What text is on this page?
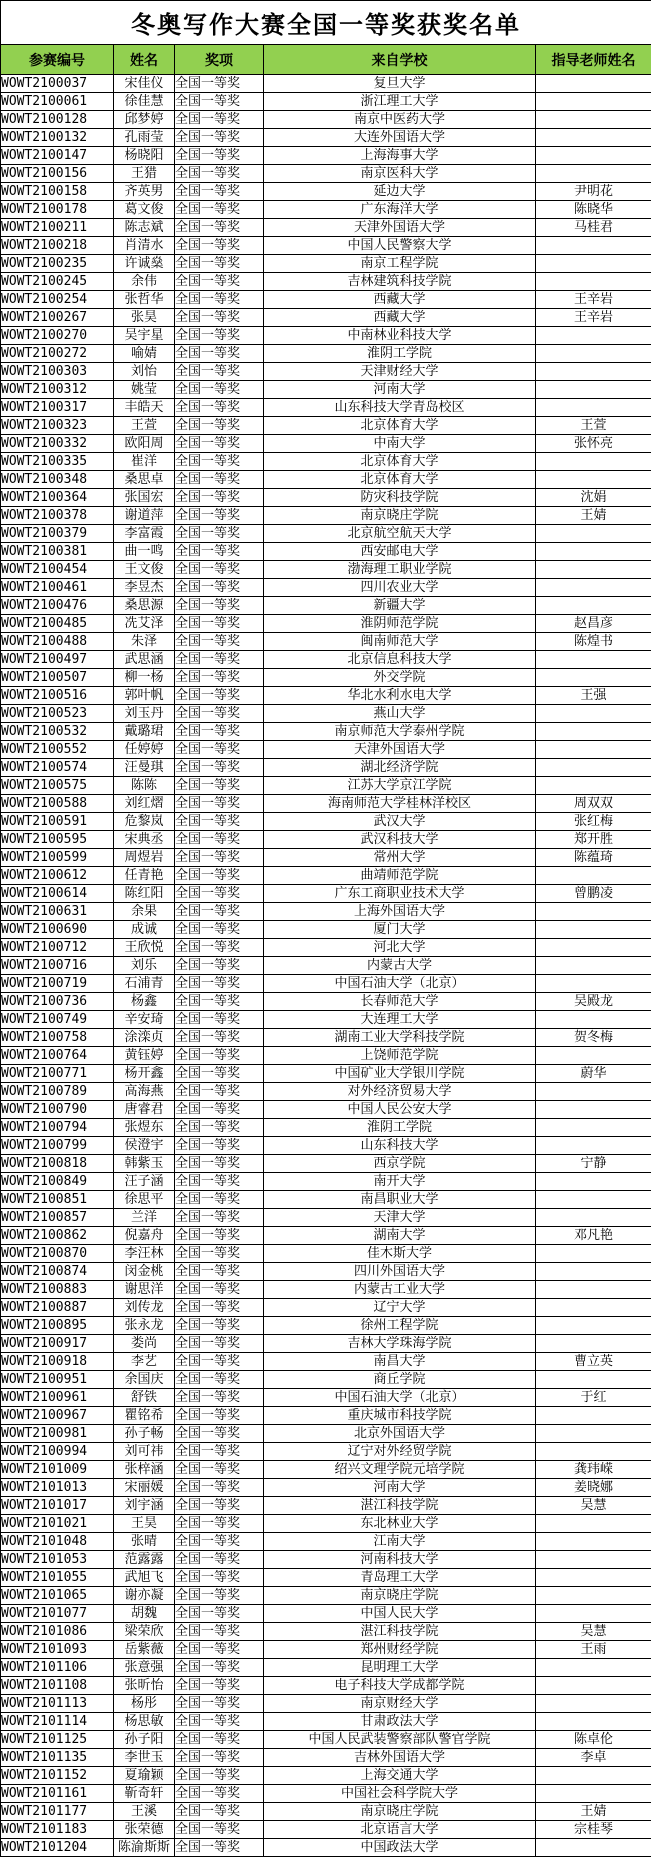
冬奥写作大赛全国一等奖获奖名单				
参赛编号	姓名	奖项	来自学校	指导老师姓名
WOWT2100037	宋佳仪	全国一等奖	复旦大学	
WOWT2100061	徐佳慧	全国一等奖	浙江理工大学	
WOWT2100128	邱梦婷	全国一等奖	南京中医药大学	
WOWT2100132	孔雨莹	全国一等奖	大连外国语大学	
WOWT2100147	杨晓阳	全国一等奖	上海海事大学	
WOWT2100156	王猎	全国一等奖	南京医科大学	
WOWT2100158	齐英男	全国一等奖	延边大学	尹明花
WOWT2100178	葛文俊	全国一等奖	广东海洋大学	陈晓华
WOWT2100211	陈志斌	全国一等奖	天津外国语大学	马桂君
WOWT2100218	肖清水	全国一等奖	中国人民警察大学	
WOWT2100235	许诚燊	全国一等奖	南京工程学院	
WOWT2100245	余伟	全国一等奖	吉林建筑科技学院	
WOWT2100254	张哲华	全国一等奖	西藏大学	王辛岩
WOWT2100267	张昊	全国一等奖	西藏大学	王辛岩
WOWT2100270	吴宇星	全国一等奖	中南林业科技大学	
WOWT2100272	喻婧	全国一等奖	淮阴工学院	
WOWT2100303	刘怡	全国一等奖	天津财经大学	
WOWT2100312	姚莹	全国一等奖	河南大学	
WOWT2100317	丰皓天	全国一等奖	山东科技大学青岛校区	
WOWT2100323	王萱	全国一等奖	北京体育大学	王萱
WOWT2100332	欧阳周	全国一等奖	中南大学	张怀亮
WOWT2100335	崔洋	全国一等奖	北京体育大学	
WOWT2100348	桑思卓	全国一等奖	北京体育大学	
WOWT2100364	张国宏	全国一等奖	防灾科技学院	沈娟
WOWT2100378	谢道萍	全国一等奖	南京晓庄学院	王婧
WOWT2100379	李富霞	全国一等奖	北京航空航天大学	
WOWT2100381	曲一鸣	全国一等奖	西安邮电大学	
WOWT2100454	王文俊	全国一等奖	渤海理工职业学院	
WOWT2100461	李昱杰	全国一等奖	四川农业大学	
WOWT2100476	桑思源	全国一等奖	新疆大学	
WOWT2100485	冼艾泽	全国一等奖	淮阴师范学院	赵昌彦
WOWT2100488	朱泽	全国一等奖	闽南师范大学	陈煌书
WOWT2100497	武思涵	全国一等奖	北京信息科技大学	
WOWT2100507	柳一杨	全国一等奖	外交学院	
WOWT2100516	郭叶帆	全国一等奖	华北水利水电大学	王强
WOWT2100523	刘玉丹	全国一等奖	燕山大学	
WOWT2100532	戴璐珺	全国一等奖	南京师范大学泰州学院	
WOWT2100552	任婷婷	全国一等奖	天津外国语大学	
WOWT2100574	汪曼琪	全国一等奖	湖北经济学院	
WOWT2100575	陈陈	全国一等奖	江苏大学京江学院	
WOWT2100588	刘红熠	全国一等奖	海南师范大学桂林洋校区	周双双
WOWT2100591	危黎岚	全国一等奖	武汉大学	张红梅
WOWT2100595	宋典丞	全国一等奖	武汉科技大学	郑开胜
WOWT2100599	周煜岩	全国一等奖	常州大学	陈蕴琦
WOWT2100612	任青艳	全国一等奖	曲靖师范学院	
WOWT2100614	陈红阳	全国一等奖	广东工商职业技术大学	曾鹏凌
WOWT2100631	余果	全国一等奖	上海外国语大学	
WOWT2100690	成诚	全国一等奖	厦门大学	
WOWT2100712	王欣悦	全国一等奖	河北大学	
WOWT2100716	刘乐	全国一等奖	内蒙古大学	
WOWT2100719	石浦青	全国一等奖	中国石油大学（北京）	
WOWT2100736	杨鑫	全国一等奖	长春师范大学	吴殿龙
WOWT2100749	辛安琦	全国一等奖	大连理工大学	
WOWT2100758	涂滦贞	全国一等奖	湖南工业大学科技学院	贺冬梅
WOWT2100764	黄钰婷	全国一等奖	上饶师范学院	
WOWT2100771	杨开鑫	全国一等奖	中国矿业大学银川学院	蔚华
WOWT2100789	高海燕	全国一等奖	对外经济贸易大学	
WOWT2100790	唐睿君	全国一等奖	中国人民公安大学	
WOWT2100794	张煜东	全国一等奖	淮阴工学院	
WOWT2100799	侯澄宇	全国一等奖	山东科技大学	
WOWT2100818	韩紫玉	全国一等奖	西京学院	宁静
WOWT2100849	汪子涵	全国一等奖	南开大学	
WOWT2100851	徐思平	全国一等奖	南昌职业大学	
WOWT2100857	兰洋	全国一等奖	天津大学	
WOWT2100862	倪嘉舟	全国一等奖	湖南大学	邓凡艳
WOWT2100870	李汪林	全国一等奖	佳木斯大学	
WOWT2100874	闵金桃	全国一等奖	四川外国语大学	
WOWT2100883	谢思洋	全国一等奖	内蒙古工业大学	
WOWT2100887	刘传龙	全国一等奖	辽宁大学	
WOWT2100895	张永龙	全国一等奖	徐州工程学院	
WOWT2100917	娄尚	全国一等奖	吉林大学珠海学院	
WOWT2100918	李艺	全国一等奖	南昌大学	曹立英
WOWT2100951	余国庆	全国一等奖	商丘学院	
WOWT2100961	舒铁	全国一等奖	中国石油大学（北京）	于红
WOWT2100967	瞿铭希	全国一等奖	重庆城市科技学院	
WOWT2100981	孙子畅	全国一等奖	北京外国语大学	
WOWT2100994	刘可祎	全国一等奖	辽宁对外经贸学院	
WOWT2101009	张梓涵	全国一等奖	绍兴文理学院元培学院	龚玮嵘
WOWT2101013	宋丽媛	全国一等奖	河南大学	姜晓娜
WOWT2101017	刘宇涵	全国一等奖	湛江科技学院	吴慧
WOWT2101021	王昊	全国一等奖	东北林业大学	
WOWT2101048	张晴	全国一等奖	江南大学	
WOWT2101053	范露露	全国一等奖	河南科技大学	
WOWT2101055	武旭飞	全国一等奖	青岛理工大学	
WOWT2101065	谢亦凝	全国一等奖	南京晓庄学院	
WOWT2101077	胡魏	全国一等奖	中国人民大学	
WOWT2101086	梁荣欣	全国一等奖	湛江科技学院	吴慧
WOWT2101093	岳紫薇	全国一等奖	郑州财经学院	王雨
WOWT2101106	张意强	全国一等奖	昆明理工大学	
WOWT2101108	张昕怡	全国一等奖	电子科技大学成都学院	
WOWT2101113	杨彤	全国一等奖	南京财经大学	
WOWT2101114	杨思敏	全国一等奖	甘肃政法大学	
WOWT2101125	孙子阳	全国一等奖	中国人民武装警察部队警官学院	陈卓伦
WOWT2101135	李世玉	全国一等奖	吉林外国语大学	李卓
WOWT2101152	夏瑜颖	全国一等奖	上海交通大学	
WOWT2101161	靳奇轩	全国一等奖	中国社会科学院大学	
WOWT2101177	王溪	全国一等奖	南京晓庄学院	王婧
WOWT2101183	张荣德	全国一等奖	北京语言大学	宗桂琴
WOWT2101204	陈渝斯斯	全国一等奖	中国政法大学	
